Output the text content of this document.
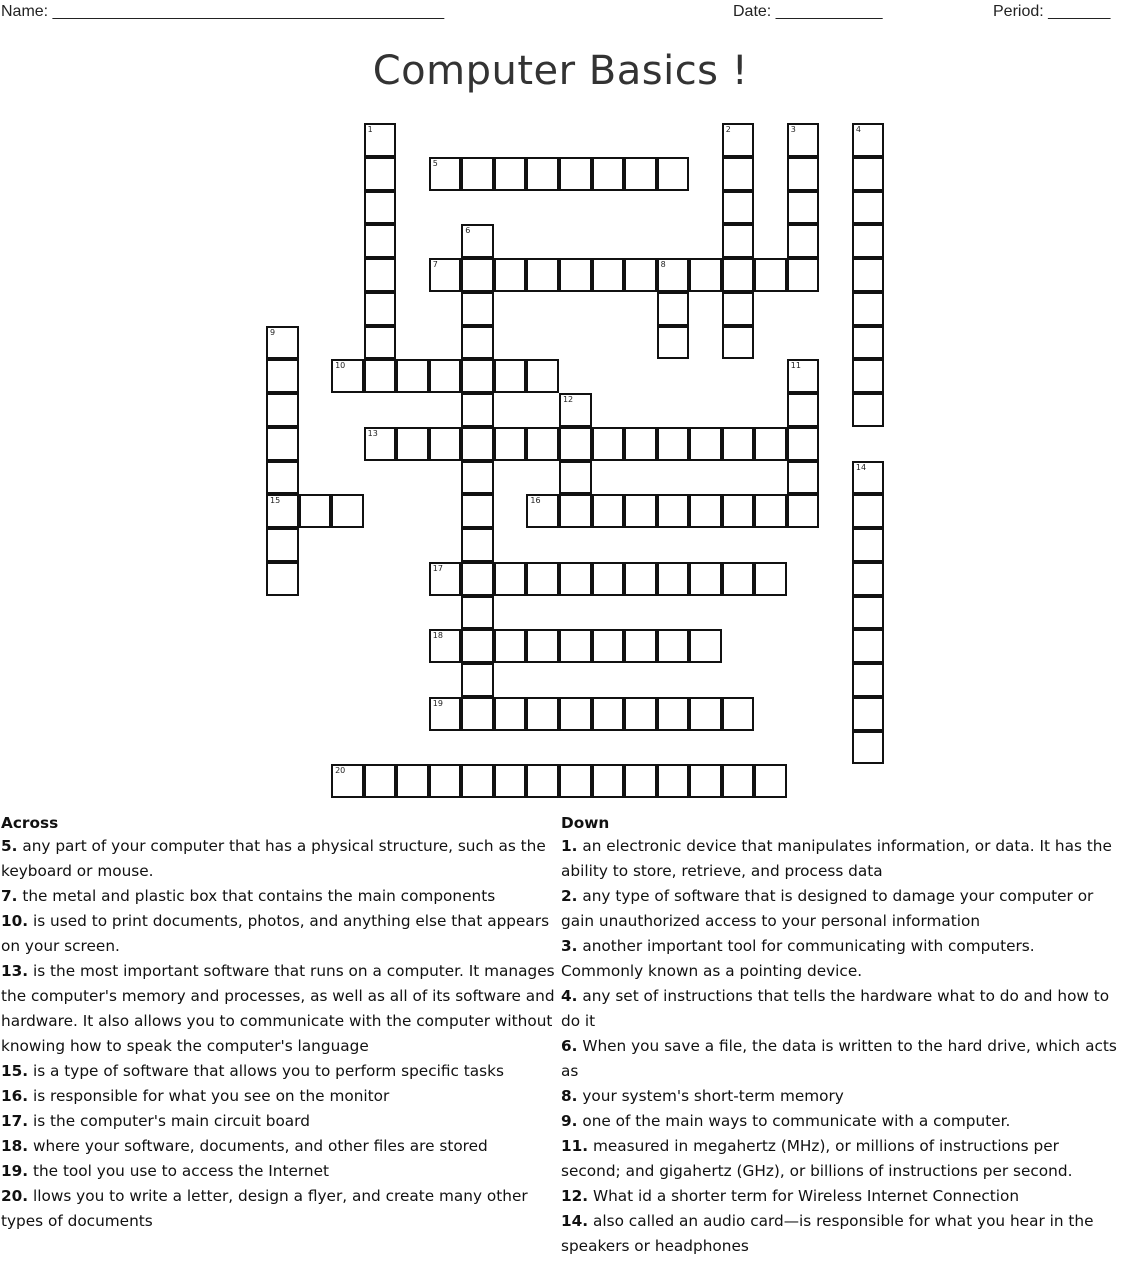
Name: ____________________________________________	Date: ____________	Period: _______
Computer Basics !
1	2	3	4
5
6
7	8
9
15
10	11
12
13
14
16
17
18
19
20
Across
5. any part of your computer that has a physical structure, such as the keyboard or mouse.
7. the metal and plastic box that contains the main components
10. is used to print documents, photos, and anything else that appears on your screen.
13. is the most important software that runs on a computer. It manages the computer's memory and processes, as well as all of its software and hardware. It also allows you to communicate with the computer without knowing how to speak the computer's language
15. is a type of software that allows you to perform specific tasks
16. is responsible for what you see on the monitor
17. is the computer's main circuit board
18. where your software, documents, and other files are stored
19. the tool you use to access the Internet
20. llows you to write a letter, design a flyer, and create many other types of documents
Down
1. an electronic device that manipulates information, or data. It has the ability to store, retrieve, and process data
2. any type of software that is designed to damage your computer or gain unauthorized access to your personal information
3. another important tool for communicating with computers. Commonly known as a pointing device.
4. any set of instructions that tells the hardware what to do and how to do it
6. When you save a file, the data is written to the hard drive, which acts as
8. your system's short-term memory
9. one of the main ways to communicate with a computer.
11. measured in megahertz (MHz), or millions of instructions per second; and gigahertz (GHz), or billions of instructions per second.
12. What id a shorter term for Wireless Internet Connection
14. also called an audio card—is responsible for what you hear in the speakers or headphones
